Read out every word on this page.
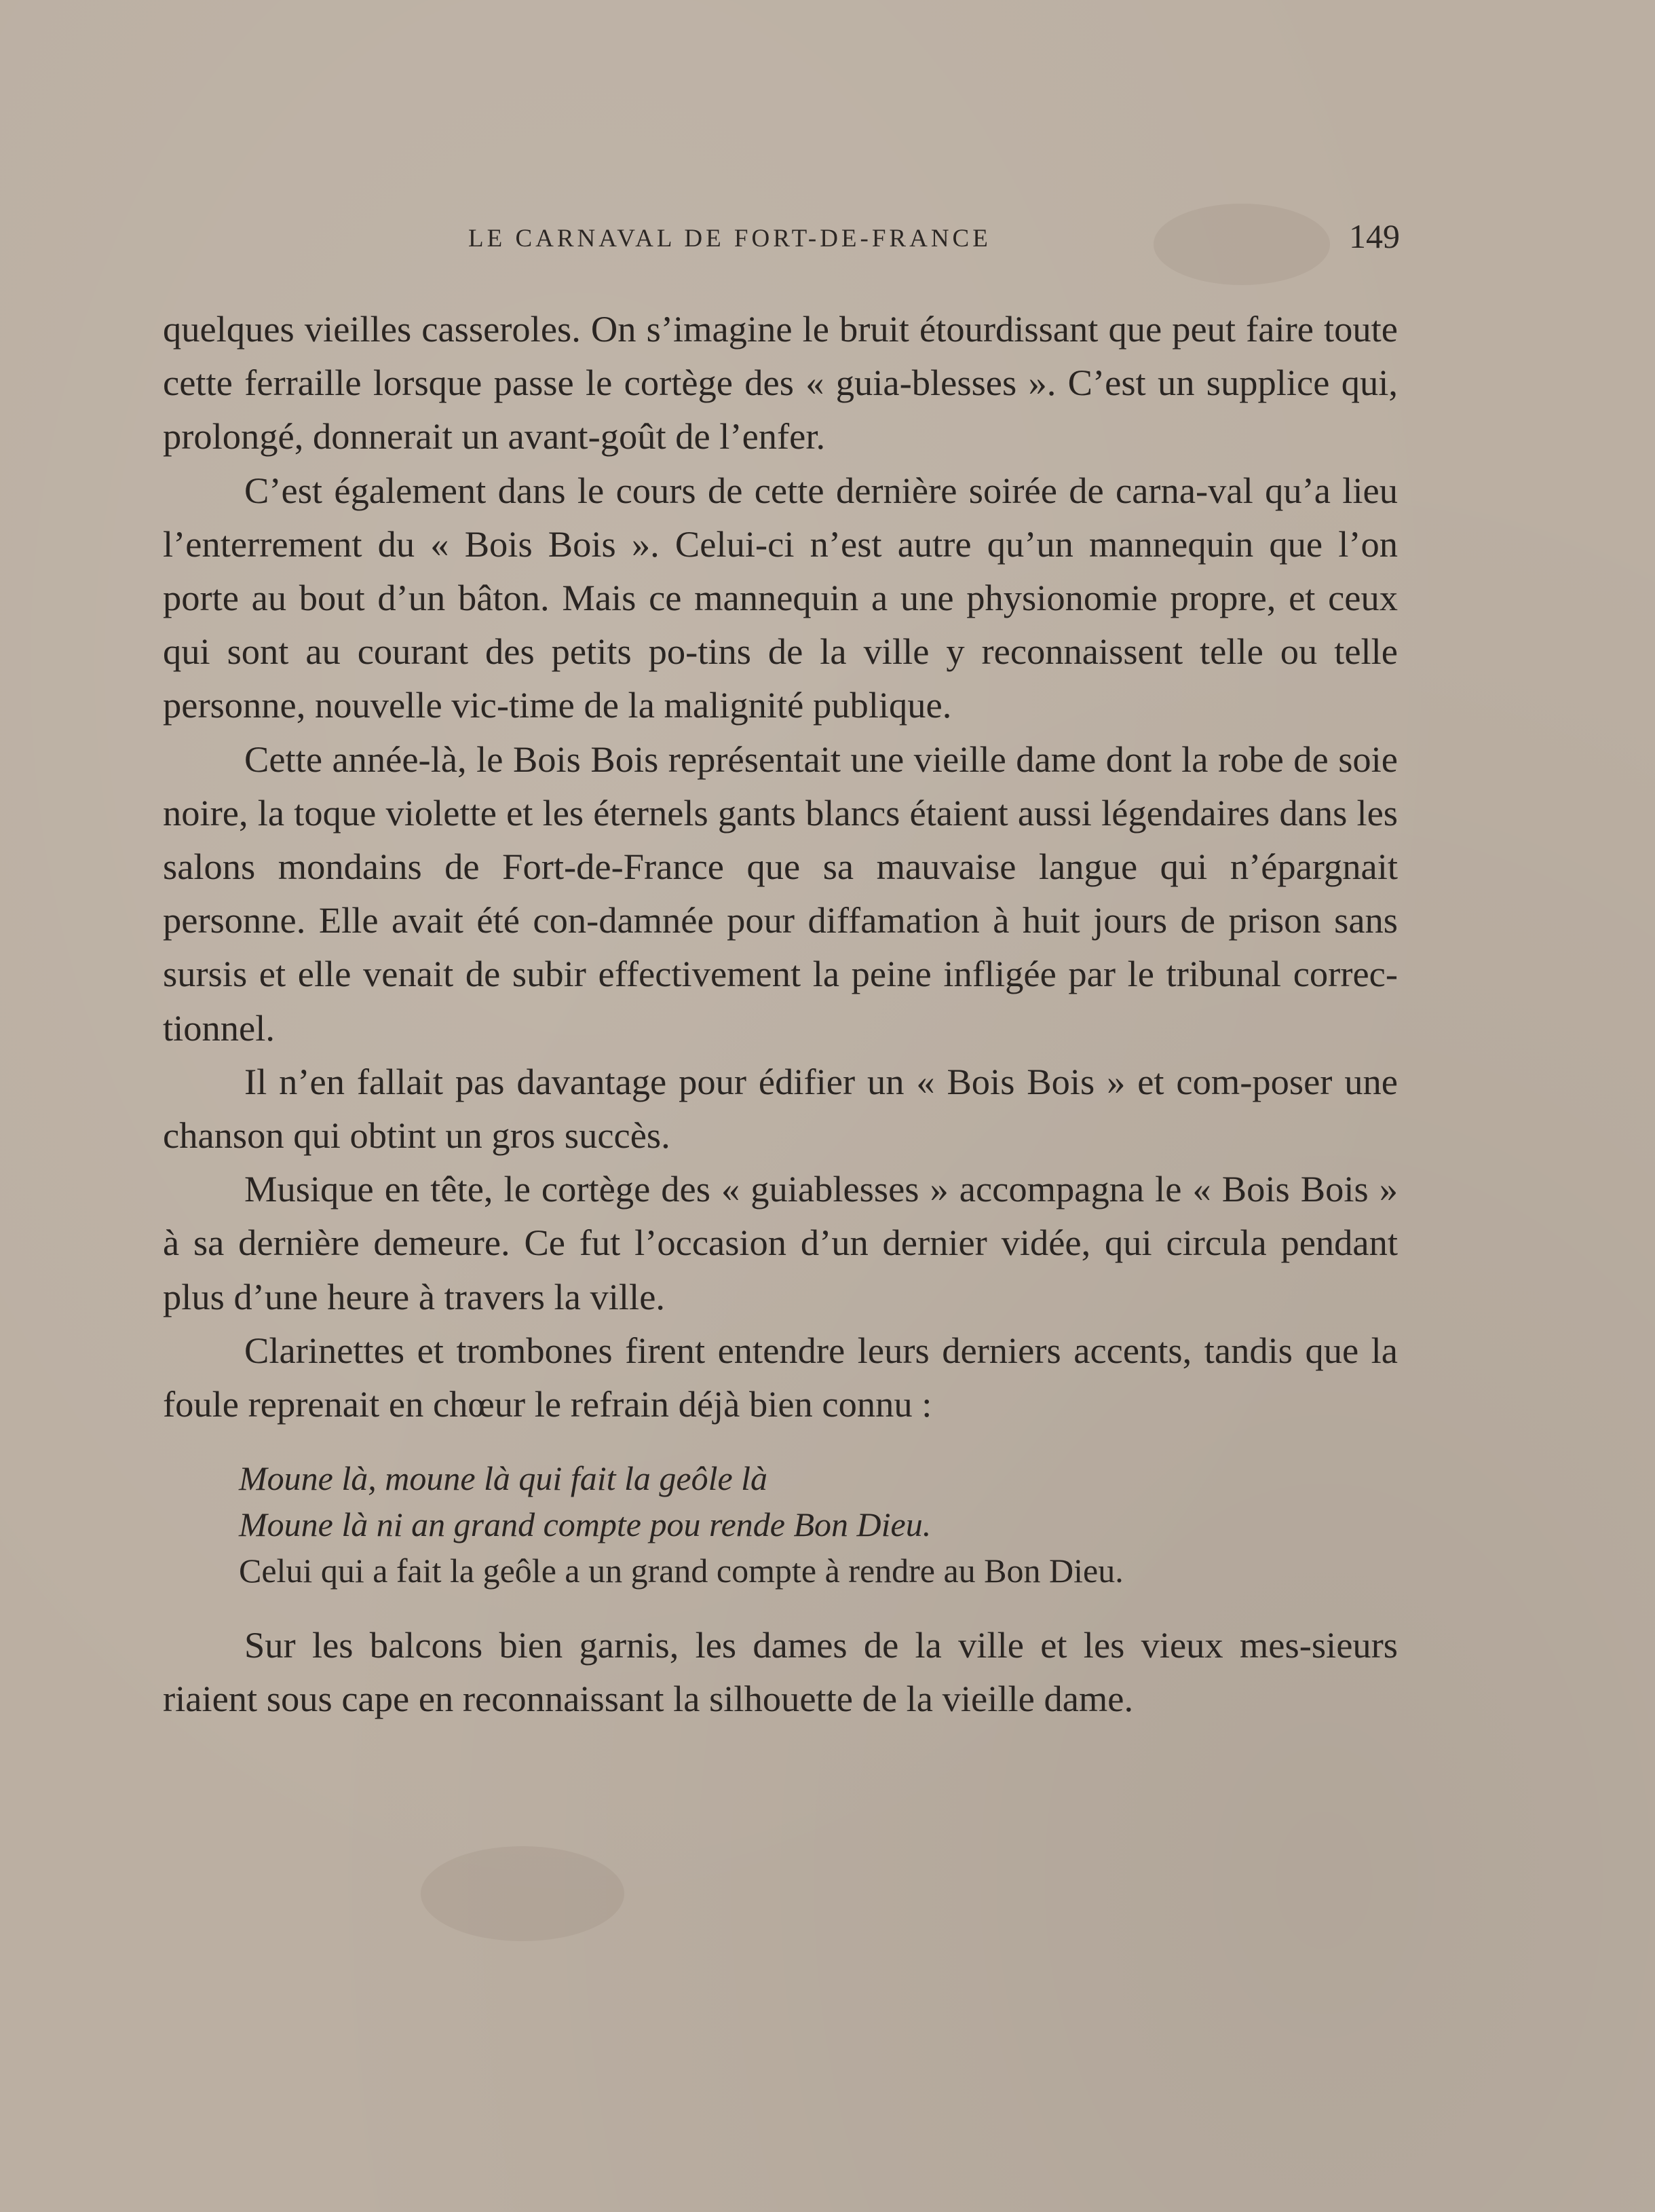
LE CARNAVAL DE FORT-DE-FRANCE	149

quelques vieilles casseroles. On s’imagine le bruit étourdissant que peut faire toute cette ferraille lorsque passe le cortège des « guia-blesses ». C’est un supplice qui, prolongé, donnerait un avant-goût de l’enfer.

C’est également dans le cours de cette dernière soirée de carna-val qu’a lieu l’enterrement du « Bois Bois ». Celui-ci n’est autre qu’un mannequin que l’on porte au bout d’un bâton. Mais ce mannequin a une physionomie propre, et ceux qui sont au courant des petits po-tins de la ville y reconnaissent telle ou telle personne, nouvelle vic-time de la malignité publique.

Cette année-là, le Bois Bois représentait une vieille dame dont la robe de soie noire, la toque violette et les éternels gants blancs étaient aussi légendaires dans les salons mondains de Fort-de-France que sa mauvaise langue qui n’épargnait personne. Elle avait été con-damnée pour diffamation à huit jours de prison sans sursis et elle venait de subir effectivement la peine infligée par le tribunal correc-tionnel.

Il n’en fallait pas davantage pour édifier un « Bois Bois » et com-poser une chanson qui obtint un gros succès.

Musique en tête, le cortège des « guiablesses » accompagna le « Bois Bois » à sa dernière demeure. Ce fut l’occasion d’un dernier vidée, qui circula pendant plus d’une heure à travers la ville.

Clarinettes et trombones firent entendre leurs derniers accents, tandis que la foule reprenait en chœur le refrain déjà bien connu :

Moune là, moune là qui fait la geôle là
Moune là ni an grand compte pou rende Bon Dieu.
Celui qui a fait la geôle a un grand compte à rendre au Bon Dieu.

Sur les balcons bien garnis, les dames de la ville et les vieux mes-sieurs riaient sous cape en reconnaissant la silhouette de la vieille dame.
